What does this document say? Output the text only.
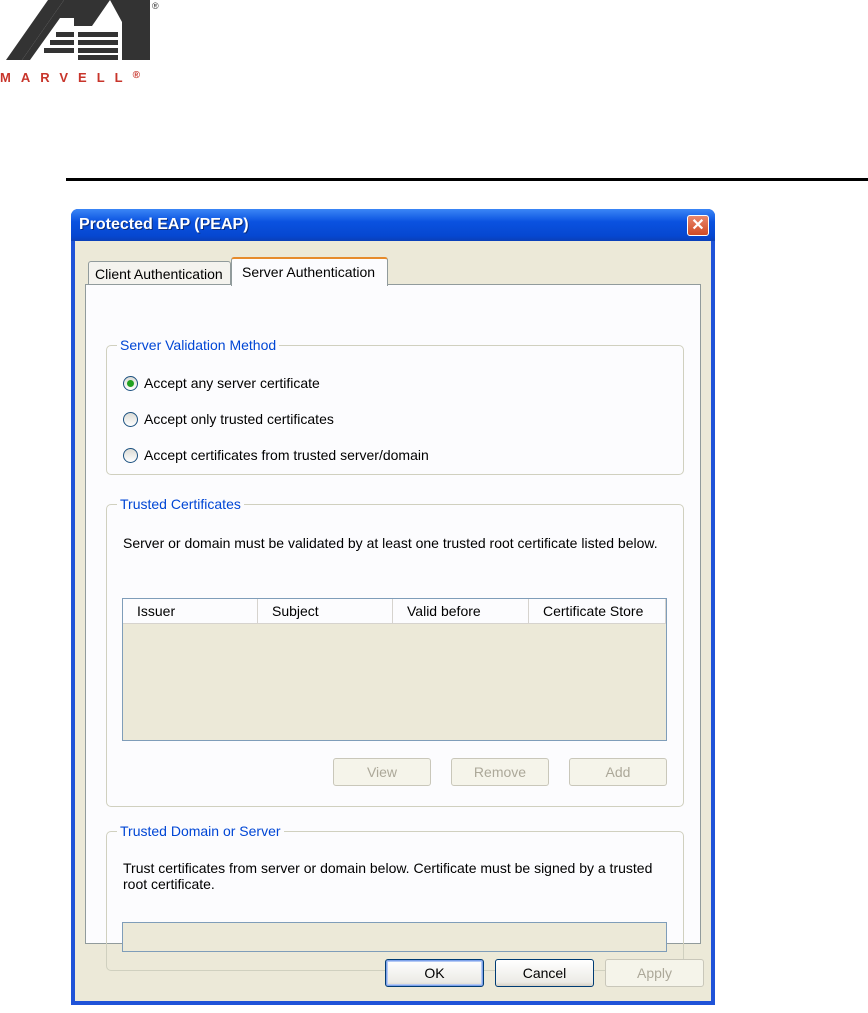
®
MARVELL®
Protected EAP (PEAP)	✕
Client Authentication	Server Authentication
Server Validation Method
Accept any server certificate
Accept only trusted certificates
Accept certificates from trusted server/domain
Trusted Certificates
Server or domain must be validated by at least one trusted root certificate listed below.
Issuer	Subject	Valid before	Certificate Store
View	Remove	Add
Trusted Domain or Server
Trust certificates from server or domain below. Certificate must be signed by a trusted root certificate.
OK	Cancel	Apply
